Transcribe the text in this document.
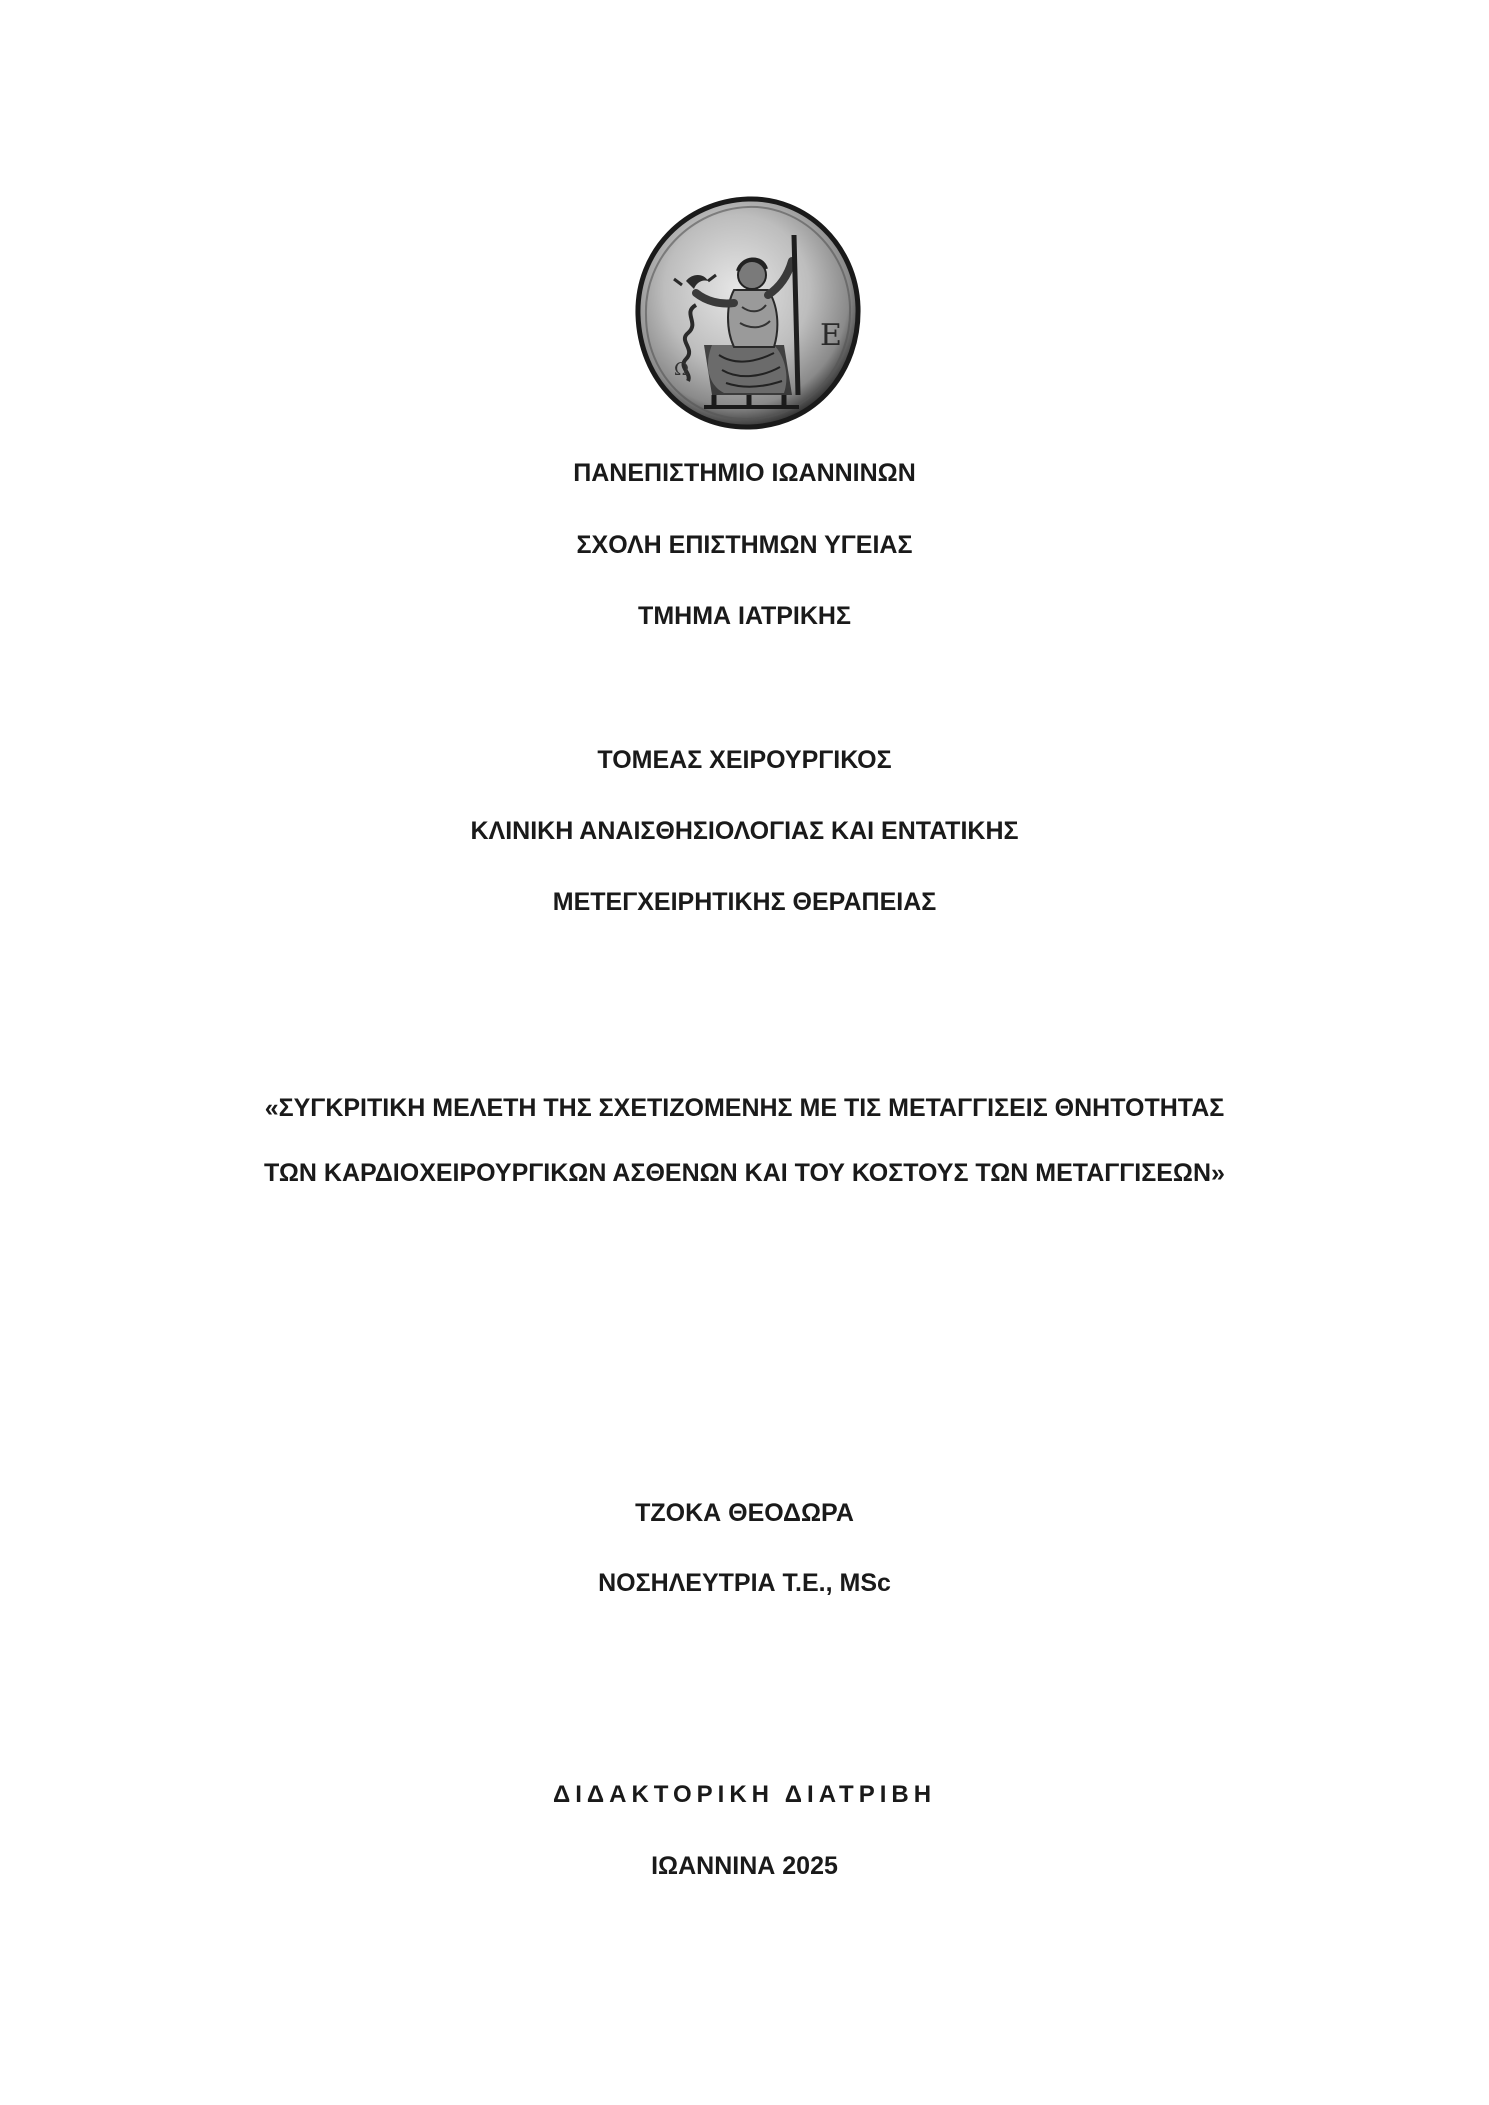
Ε
Ω
ΠΑΝΕΠΙΣΤΗΜΙΟ ΙΩΑΝΝΙΝΩΝ
ΣΧΟΛΗ ΕΠΙΣΤΗΜΩΝ ΥΓΕΙΑΣ
ΤΜΗΜΑ ΙΑΤΡΙΚΗΣ
ΤΟΜΕΑΣ ΧΕΙΡΟΥΡΓΙΚΟΣ
ΚΛΙΝΙΚΗ ΑΝΑΙΣΘΗΣΙΟΛΟΓΙΑΣ ΚΑΙ ΕΝΤΑΤΙΚΗΣ
ΜΕΤΕΓΧΕΙΡΗΤΙΚΗΣ ΘΕΡΑΠΕΙΑΣ
«ΣΥΓΚΡΙΤΙΚΗ ΜΕΛΕΤΗ ΤΗΣ ΣΧΕΤΙΖΟΜΕΝΗΣ ΜΕ ΤΙΣ ΜΕΤΑΓΓΙΣΕΙΣ ΘΝΗΤΟΤΗΤΑΣ
ΤΩΝ ΚΑΡΔΙΟΧΕΙΡΟΥΡΓΙΚΩΝ ΑΣΘΕΝΩΝ ΚΑΙ ΤΟΥ ΚΟΣΤΟΥΣ ΤΩΝ ΜΕΤΑΓΓΙΣΕΩΝ»
ΤΖΟΚΑ ΘΕΟΔΩΡΑ
ΝΟΣΗΛΕΥΤΡΙΑ Τ.Ε., MSc
ΔΙΔΑΚΤΟΡΙΚΗ ΔΙΑΤΡΙΒΗ
ΙΩΑΝΝΙΝΑ 2025
